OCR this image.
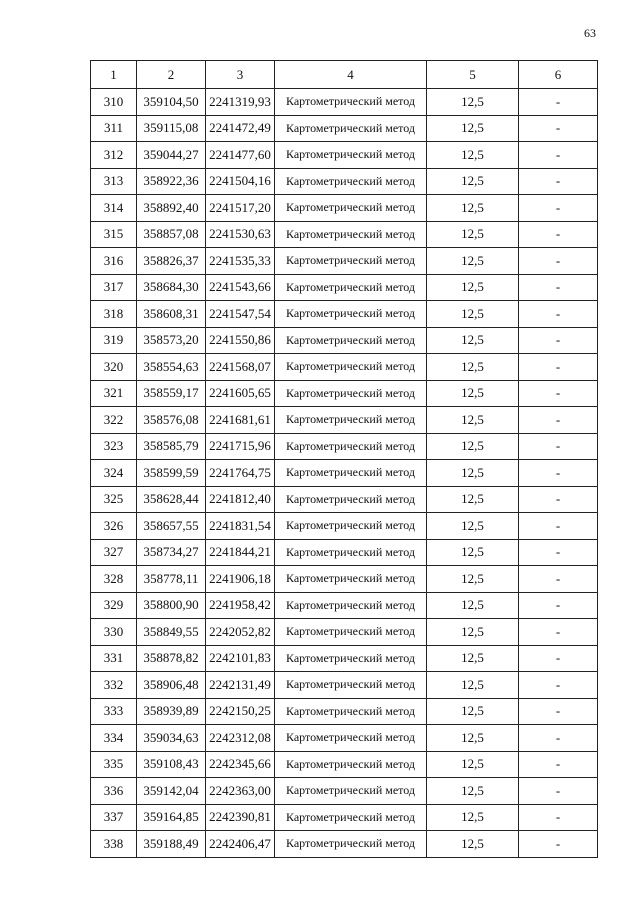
63
1	2	3	4	5	6
310	359104,50	2241319,93	Картометрический метод	12,5	-
311	359115,08	2241472,49	Картометрический метод	12,5	-
312	359044,27	2241477,60	Картометрический метод	12,5	-
313	358922,36	2241504,16	Картометрический метод	12,5	-
314	358892,40	2241517,20	Картометрический метод	12,5	-
315	358857,08	2241530,63	Картометрический метод	12,5	-
316	358826,37	2241535,33	Картометрический метод	12,5	-
317	358684,30	2241543,66	Картометрический метод	12,5	-
318	358608,31	2241547,54	Картометрический метод	12,5	-
319	358573,20	2241550,86	Картометрический метод	12,5	-
320	358554,63	2241568,07	Картометрический метод	12,5	-
321	358559,17	2241605,65	Картометрический метод	12,5	-
322	358576,08	2241681,61	Картометрический метод	12,5	-
323	358585,79	2241715,96	Картометрический метод	12,5	-
324	358599,59	2241764,75	Картометрический метод	12,5	-
325	358628,44	2241812,40	Картометрический метод	12,5	-
326	358657,55	2241831,54	Картометрический метод	12,5	-
327	358734,27	2241844,21	Картометрический метод	12,5	-
328	358778,11	2241906,18	Картометрический метод	12,5	-
329	358800,90	2241958,42	Картометрический метод	12,5	-
330	358849,55	2242052,82	Картометрический метод	12,5	-
331	358878,82	2242101,83	Картометрический метод	12,5	-
332	358906,48	2242131,49	Картометрический метод	12,5	-
333	358939,89	2242150,25	Картометрический метод	12,5	-
334	359034,63	2242312,08	Картометрический метод	12,5	-
335	359108,43	2242345,66	Картометрический метод	12,5	-
336	359142,04	2242363,00	Картометрический метод	12,5	-
337	359164,85	2242390,81	Картометрический метод	12,5	-
338	359188,49	2242406,47	Картометрический метод	12,5	-
